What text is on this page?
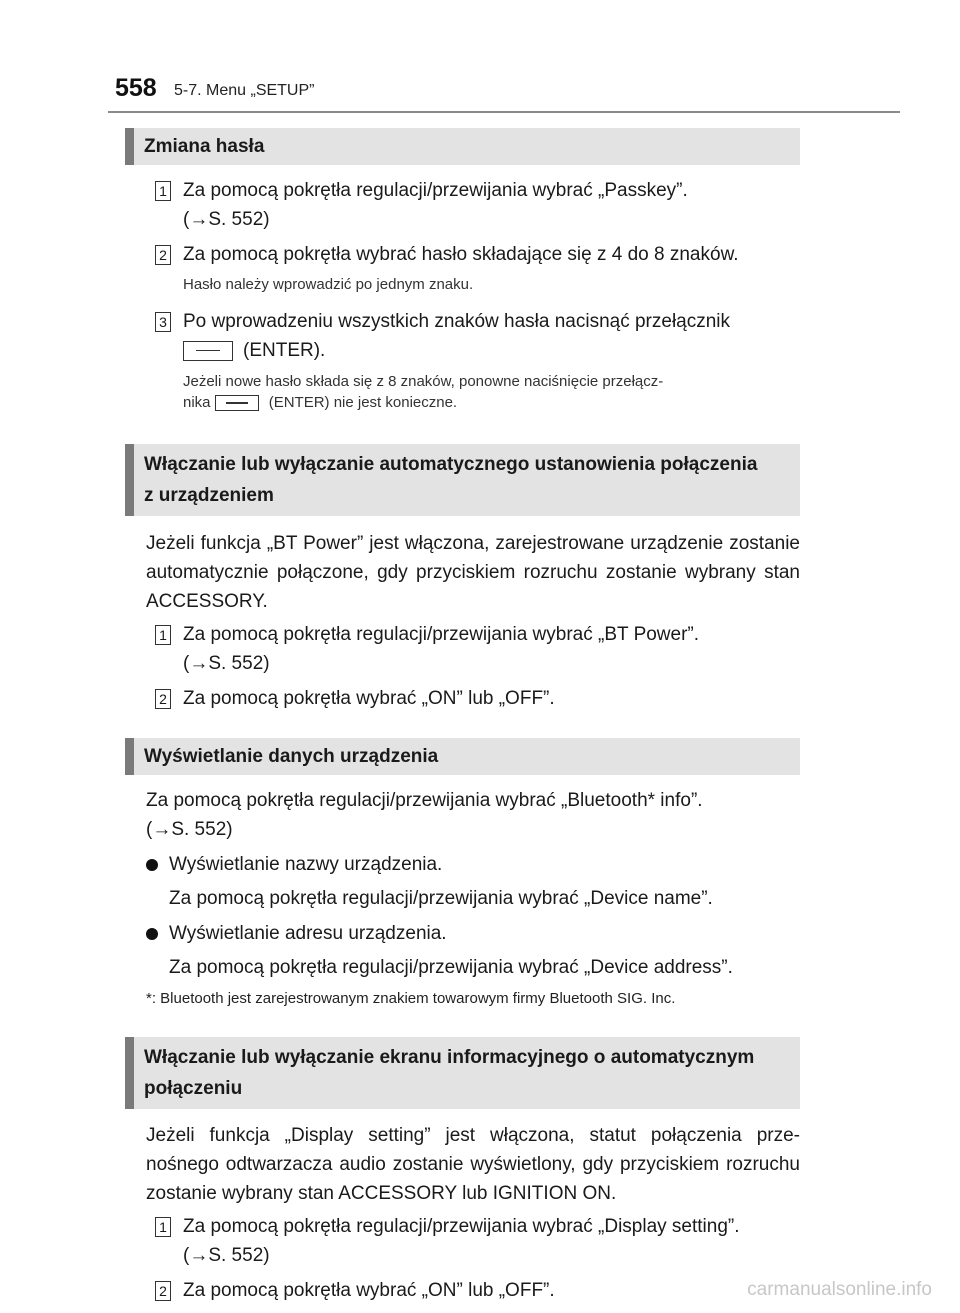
558 5-7. Menu „SETUP”
Zmiana hasła
1 Za pomocą pokrętła regulacji/przewijania wybrać „Passkey”.
(→S. 552)
2 Za pomocą pokrętła wybrać hasło składające się z 4 do 8 znaków.
Hasło należy wprowadzić po jednym znaku.
3 Po wprowadzeniu wszystkich znaków hasła nacisnąć przełącznik
(ENTER).
Jeżeli nowe hasło składa się z 8 znaków, ponowne naciśnięcie przełącz-
nika	(ENTER) nie jest konieczne.
Włączanie lub wyłączanie automatycznego ustanowienia połączenia
z urządzeniem

Jeżeli funkcja „BT Power” jest włączona, zarejestrowane urządzenie zostanie automatycznie połączone, gdy przyciskiem rozruchu zostanie wybrany stan ACCESSORY.

1 Za pomocą pokrętła regulacji/przewijania wybrać „BT Power”.
(→S. 552)
2 Za pomocą pokrętła wybrać „ON” lub „OFF”.
Wyświetlanie danych urządzenia

Za pomocą pokrętła regulacji/przewijania wybrać „Bluetooth* info”.
(→S. 552)

Wyświetlanie nazwy urządzenia.
Za pomocą pokrętła regulacji/przewijania wybrać „Device name”.
Wyświetlanie adresu urządzenia.
Za pomocą pokrętła regulacji/przewijania wybrać „Device address”.
*: Bluetooth jest zarejestrowanym znakiem towarowym firmy Bluetooth SIG. Inc.
Włączanie lub wyłączanie ekranu informacyjnego o automatycznym
połączeniu

Jeżeli funkcja „Display setting” jest włączona, statut połączenia prze- nośnego odtwarzacza audio zostanie wyświetlony, gdy przyciskiem rozruchu zostanie wybrany stan ACCESSORY lub IGNITION ON.

1 Za pomocą pokrętła regulacji/przewijania wybrać „Display setting”.
(→S. 552)
2 Za pomocą pokrętła wybrać „ON” lub „OFF”.	carmanualsonline.info
